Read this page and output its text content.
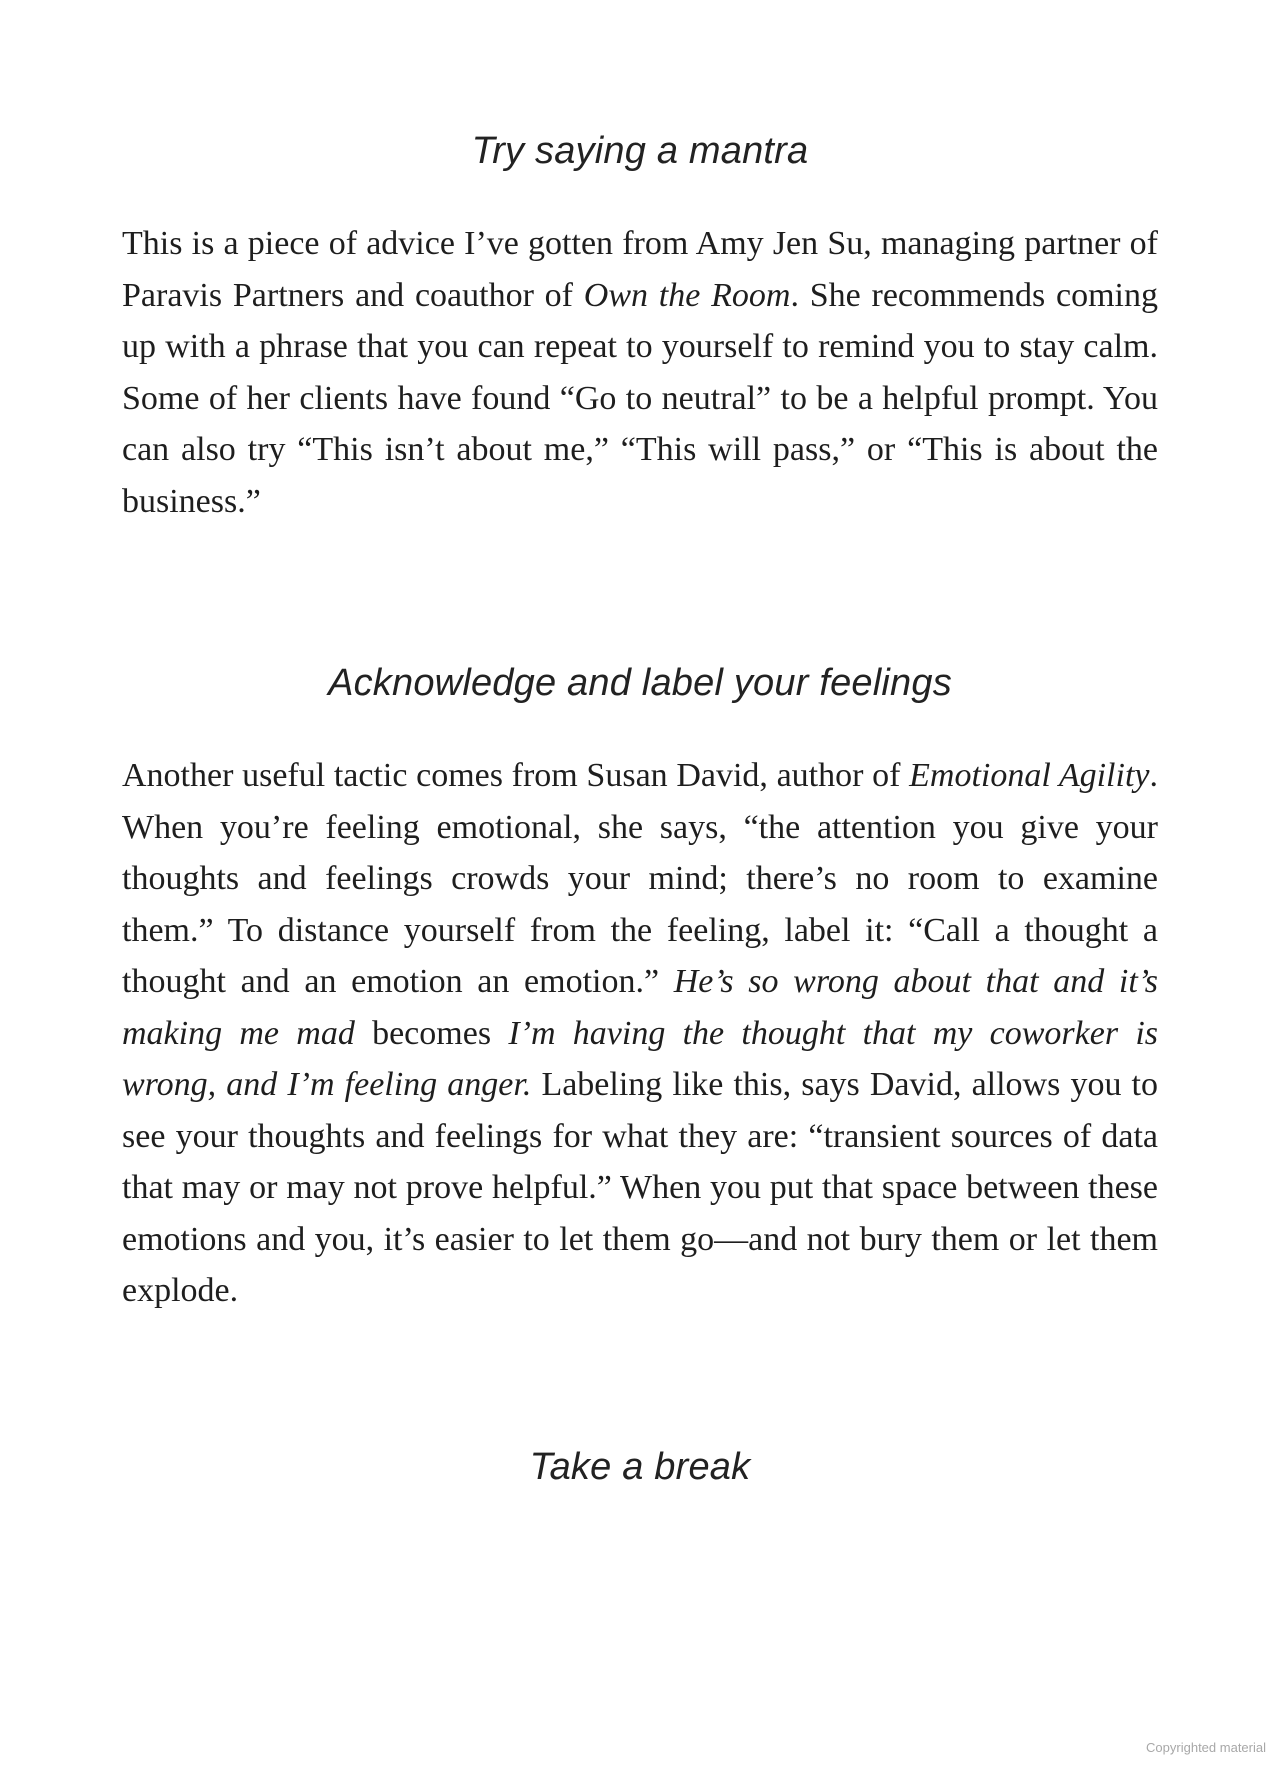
Try saying a mantra

This is a piece of advice I’ve gotten from Amy Jen Su, managing partner of Paravis Partners and coauthor of Own the Room. She recommends coming up with a phrase that you can repeat to yourself to remind you to stay calm. Some of her clients have found “Go to neutral” to be a helpful prompt. You can also try “This isn’t about me,” “This will pass,” or “This is about the business.”

Acknowledge and label your feelings

Another useful tactic comes from Susan David, author of Emotional Agility. When you’re feeling emotional, she says, “the attention you give your thoughts and feelings crowds your mind; there’s no room to examine them.” To distance yourself from the feeling, label it: “Call a thought a thought and an emotion an emotion.” He’s so wrong about that and it’s making me mad becomes I’m having the thought that my coworker is wrong, and I’m feeling anger. Labeling like this, says David, allows you to see your thoughts and feelings for what they are: “transient sources of data that may or may not prove helpful.” When you put that space between these emotions and you, it’s easier to let them go—and not bury them or let them explode.

Take a break
Copyrighted material
